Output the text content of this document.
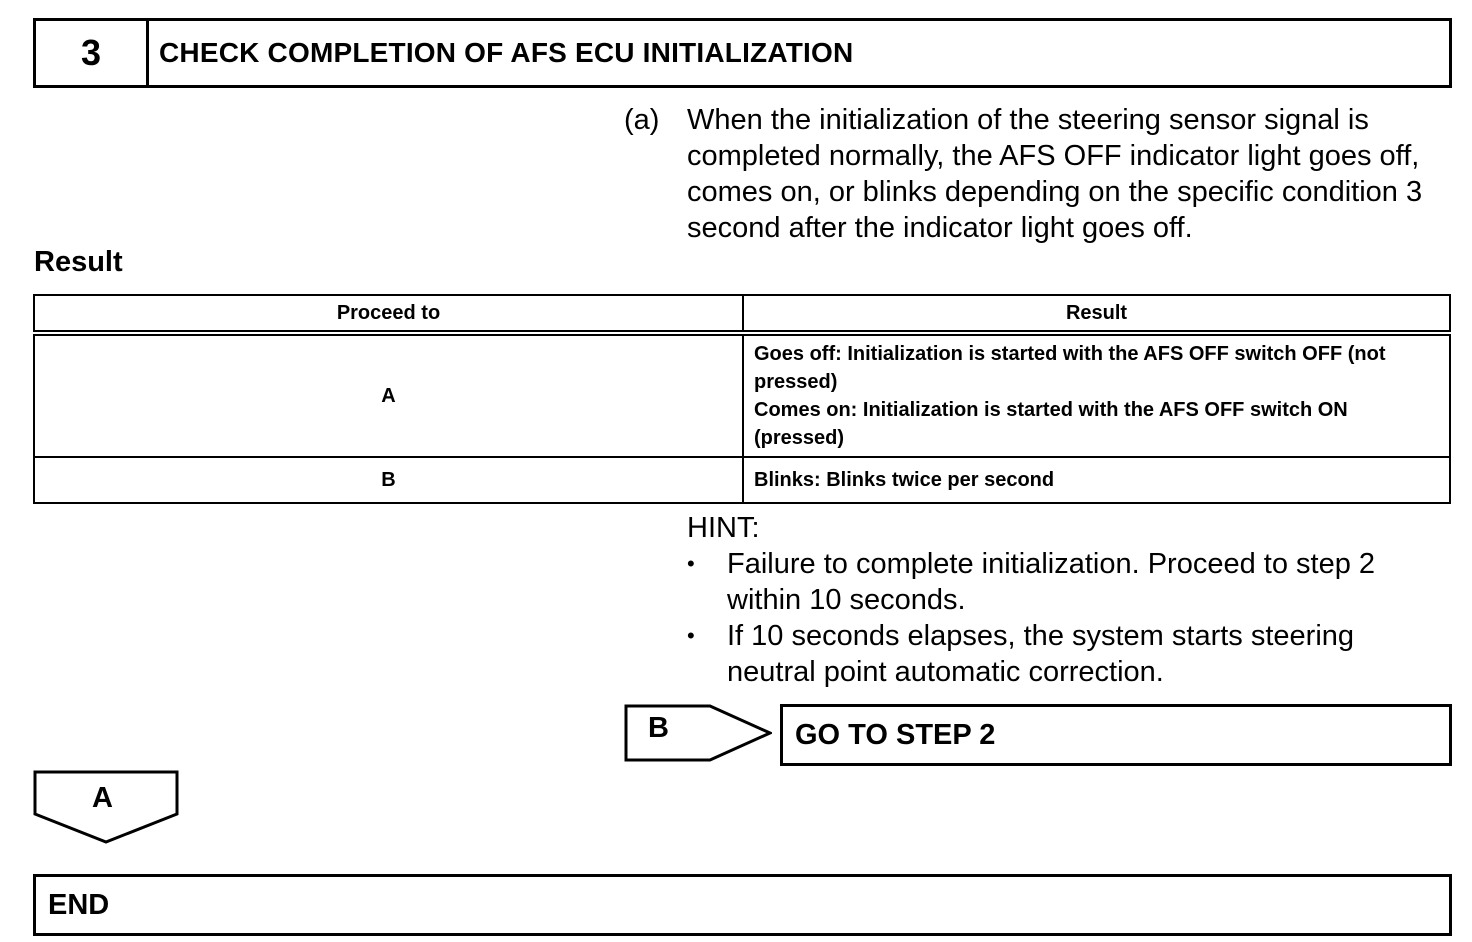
3	CHECK COMPLETION OF AFS ECU INITIALIZATION
(a) When the initialization of the steering sensor signal is completed normally, the AFS OFF indicator light goes off, comes on, or blinks depending on the specific condition 3 second after the indicator light goes off.
Result
Proceed to	Result
A	Goes off: Initialization is started with the AFS OFF switch OFF (not pressed)
Comes on: Initialization is started with the AFS OFF switch ON (pressed)

B	Blinks: Blinks twice per second
HINT:
• Failure to complete initialization. Proceed to step 2 within 10 seconds.
• If 10 seconds elapses, the system starts steering neutral point automatic correction.
B	GO TO STEP 2
A
END
